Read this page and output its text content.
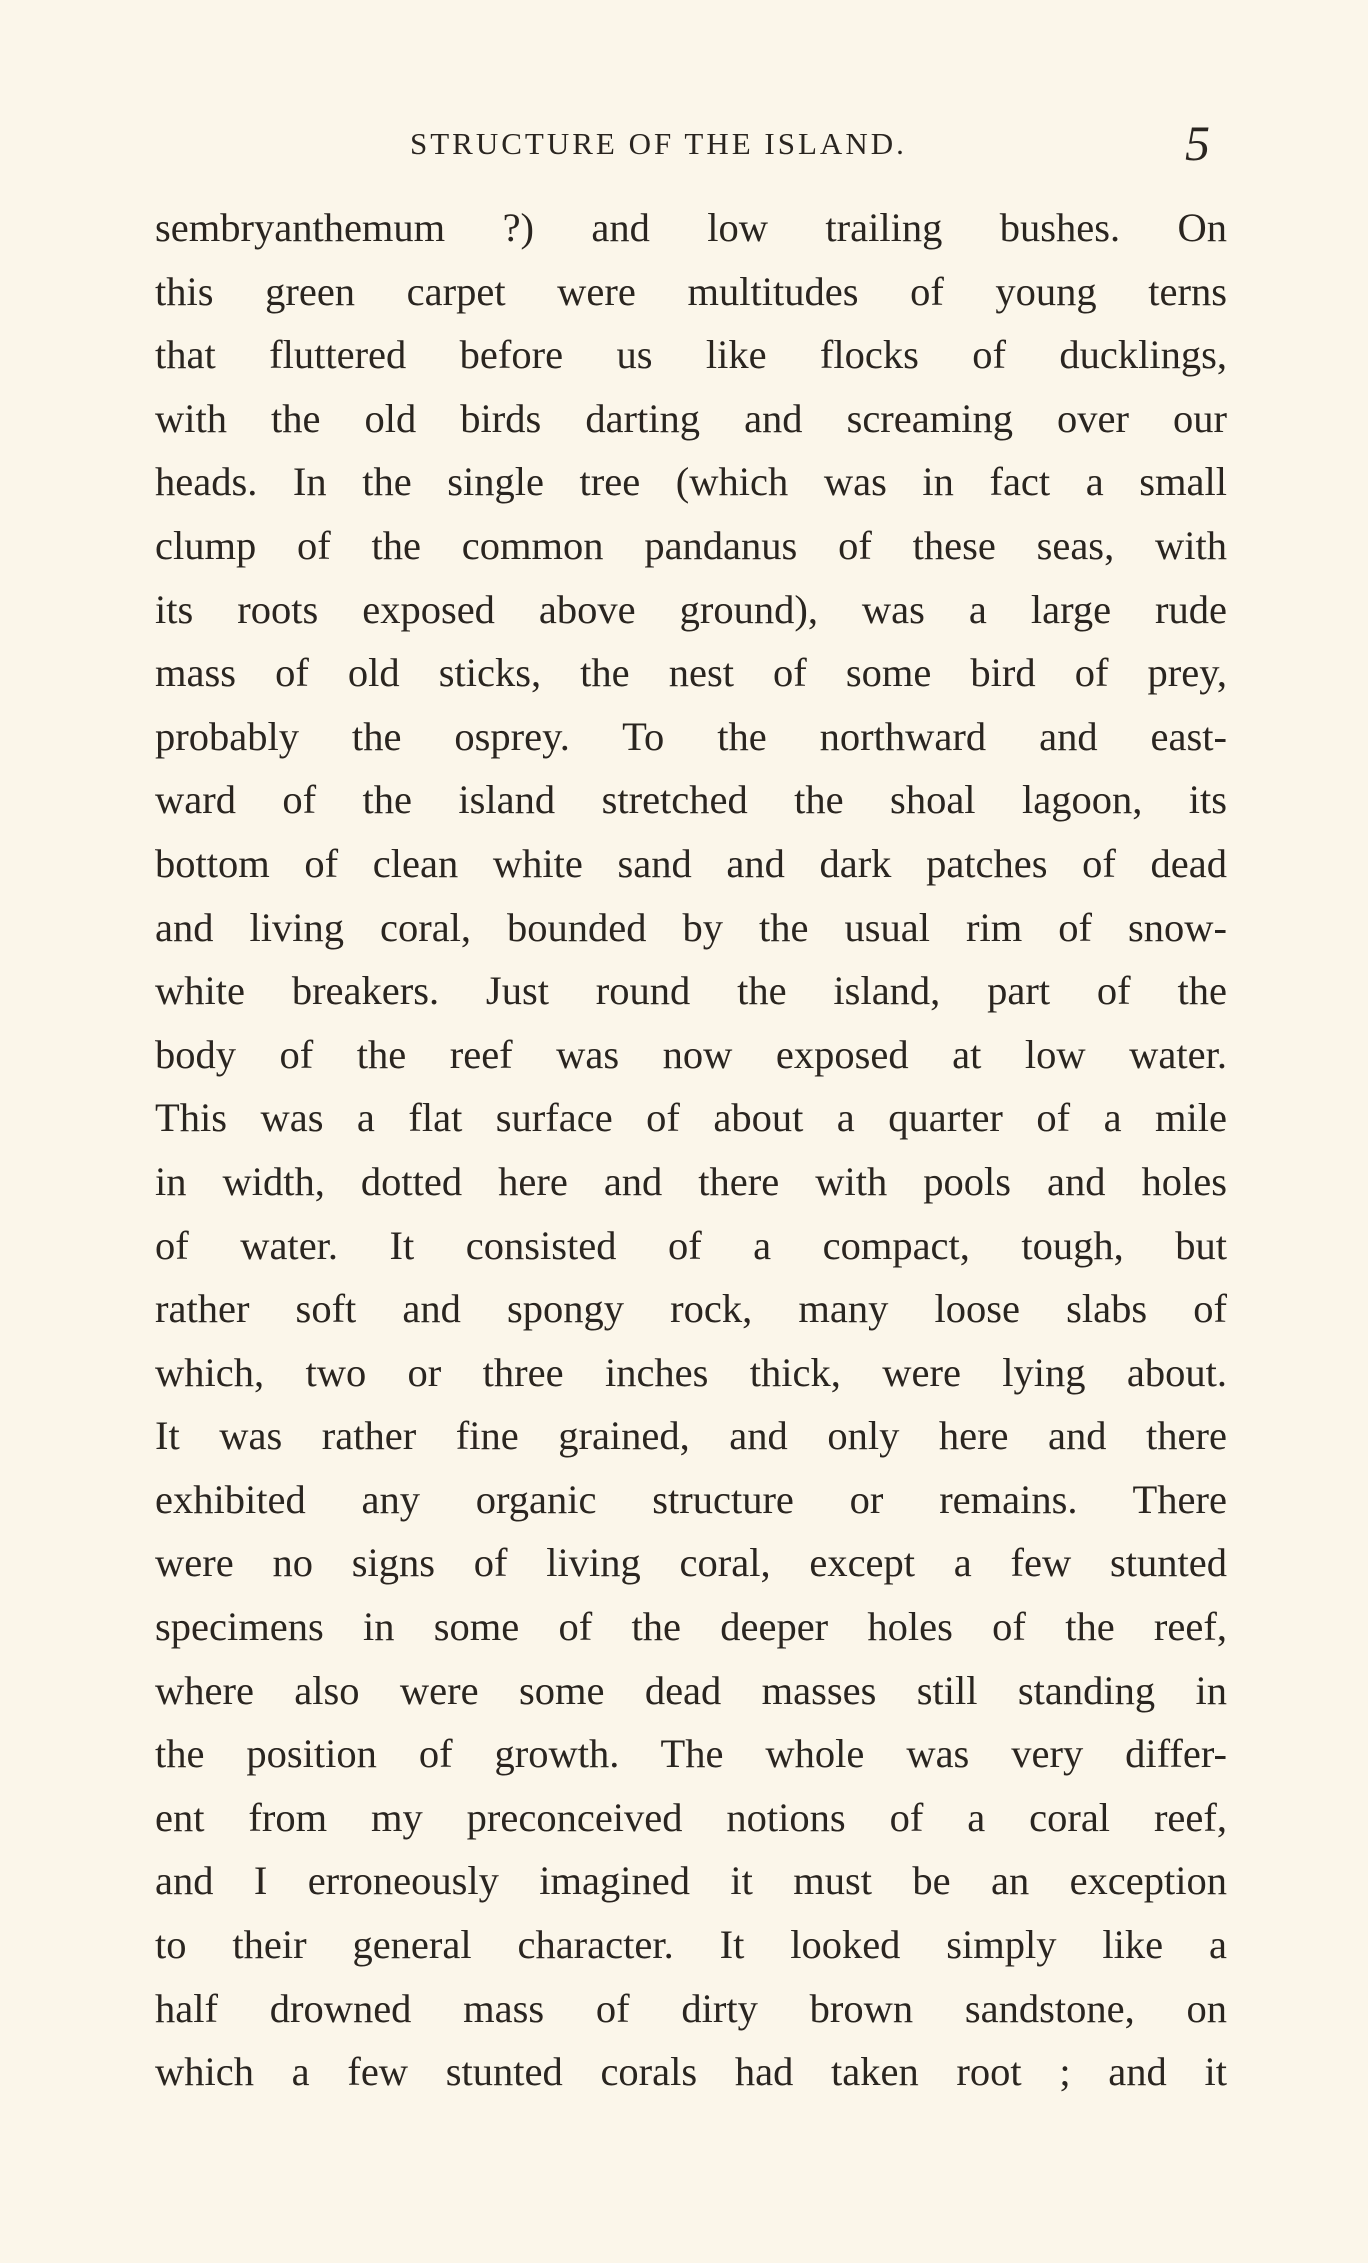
STRUCTURE OF THE ISLAND.	5
sembryanthemum ?) and low trailing bushes. On
this green carpet were multitudes of young terns
that fluttered before us like flocks of ducklings,
with the old birds darting and screaming over our
heads. In the single tree (which was in fact a small
clump of the common pandanus of these seas, with
its roots exposed above ground), was a large rude
mass of old sticks, the nest of some bird of prey,
probably the osprey. To the northward and east-
ward of the island stretched the shoal lagoon, its
bottom of clean white sand and dark patches of dead
and living coral, bounded by the usual rim of snow-
white breakers. Just round the island, part of the
body of the reef was now exposed at low water.
This was a flat surface of about a quarter of a mile
in width, dotted here and there with pools and holes
of water. It consisted of a compact, tough, but
rather soft and spongy rock, many loose slabs of
which, two or three inches thick, were lying about.
It was rather fine grained, and only here and there
exhibited any organic structure or remains. There
were no signs of living coral, except a few stunted
specimens in some of the deeper holes of the reef,
where also were some dead masses still standing in
the position of growth. The whole was very differ-
ent from my preconceived notions of a coral reef,
and I erroneously imagined it must be an exception
to their general character. It looked simply like a
half drowned mass of dirty brown sandstone, on
which a few stunted corals had taken root ; and it
